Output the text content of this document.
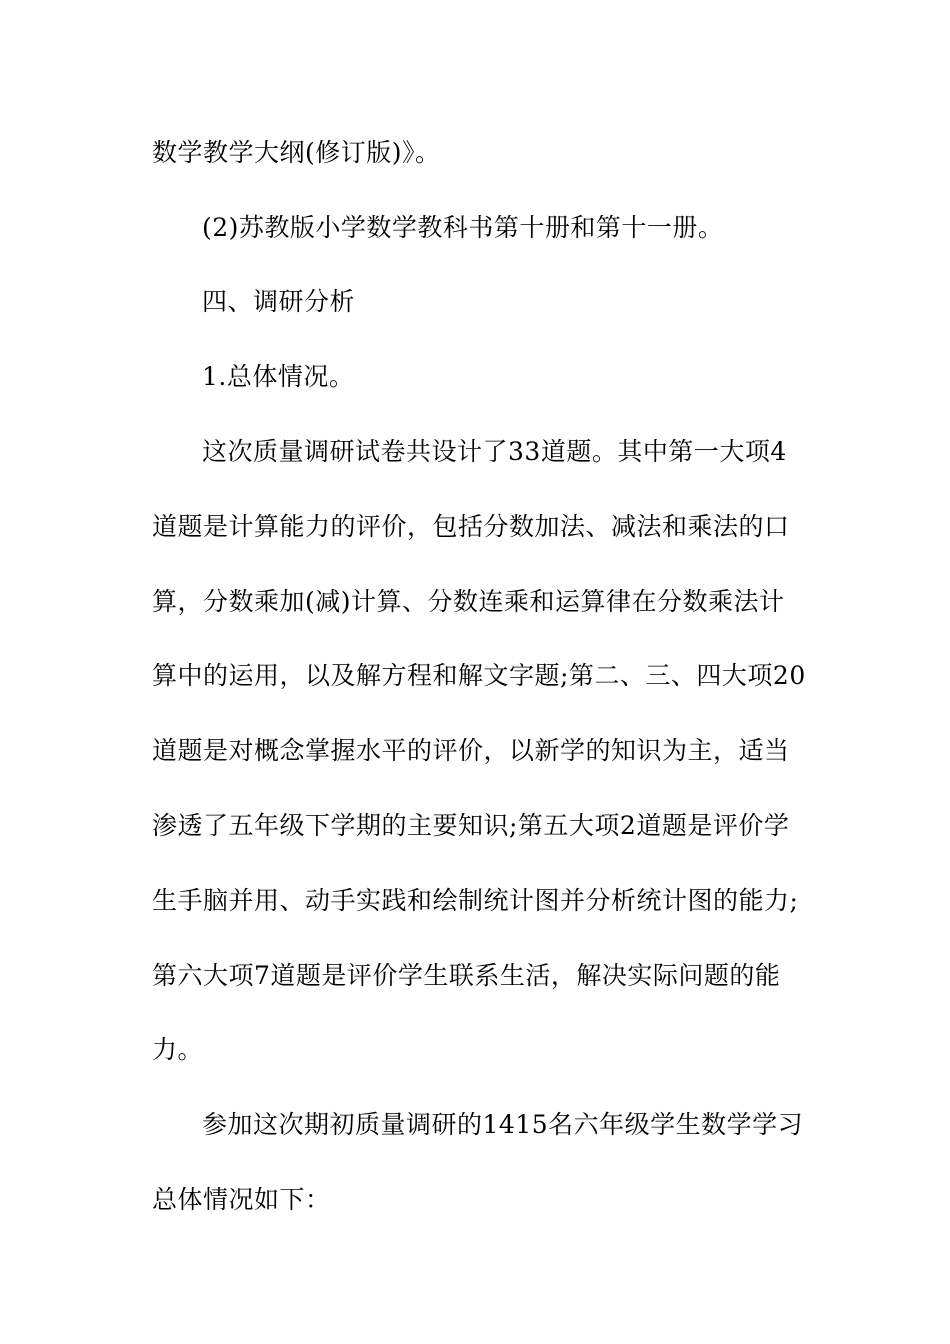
数学教学大纲(修订版)》。
(2)苏教版小学数学教科书第十册和第十一册。
四、调研分析
1.总体情况。
这次质量调研试卷共设计了33道题。其中第一大项4
道题是计算能力的评价，包括分数加法、减法和乘法的口
算，分数乘加(减)计算、分数连乘和运算律在分数乘法计
算中的运用，以及解方程和解文字题;第二、三、四大项20
道题是对概念掌握水平的评价，以新学的知识为主，适当
渗透了五年级下学期的主要知识;第五大项2道题是评价学
生手脑并用、动手实践和绘制统计图并分析统计图的能力;
第六大项7道题是评价学生联系生活，解决实际问题的能
力。
参加这次期初质量调研的1415名六年级学生数学学习
总体情况如下：
